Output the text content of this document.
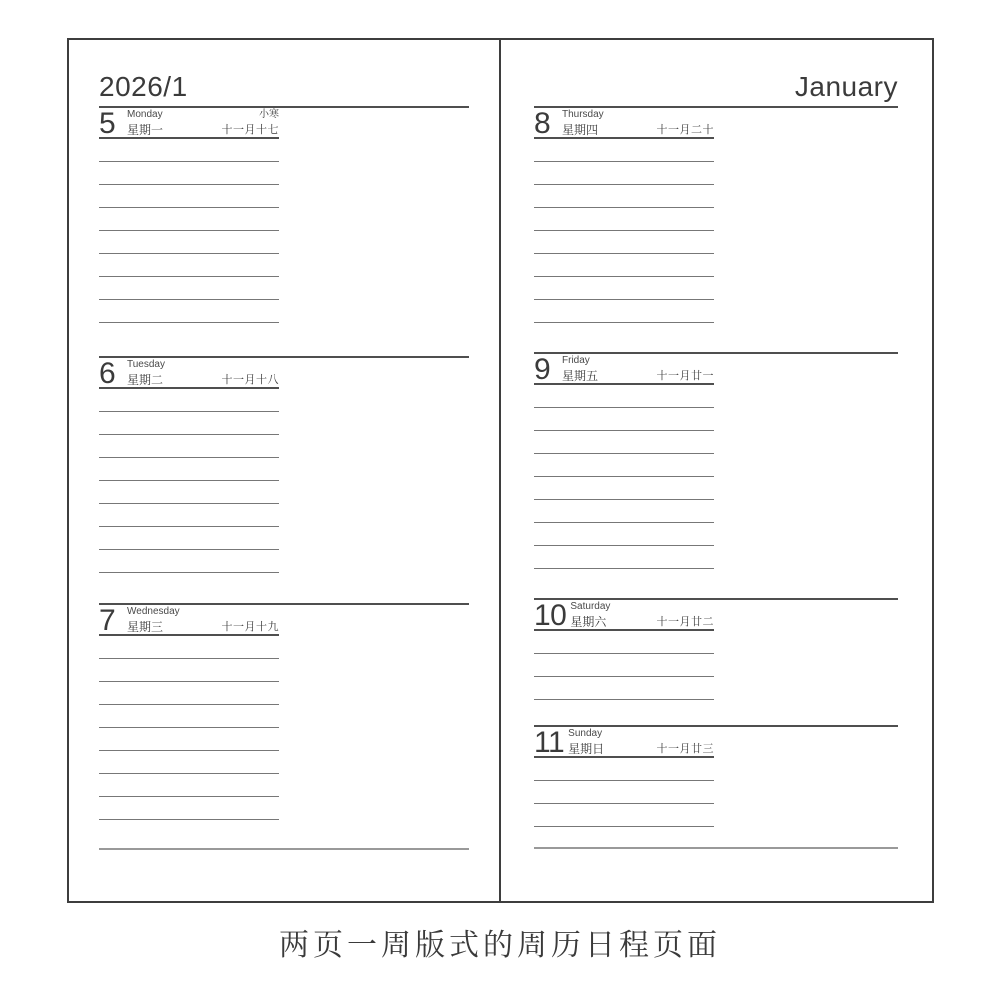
2026/1
5	Monday
星期一
小寒
十一月十七
6	Tuesday
星期二	十一月十八
7	Wednesday
星期三	十一月十九
January
8	Thursday
星期四	十一月二十
9	Friday
星期五	十一月廿一
10 Saturday
星期六	十一月廿二
11 Sunday
星期日	十一月廿三
两页一周版式的周历日程页面
